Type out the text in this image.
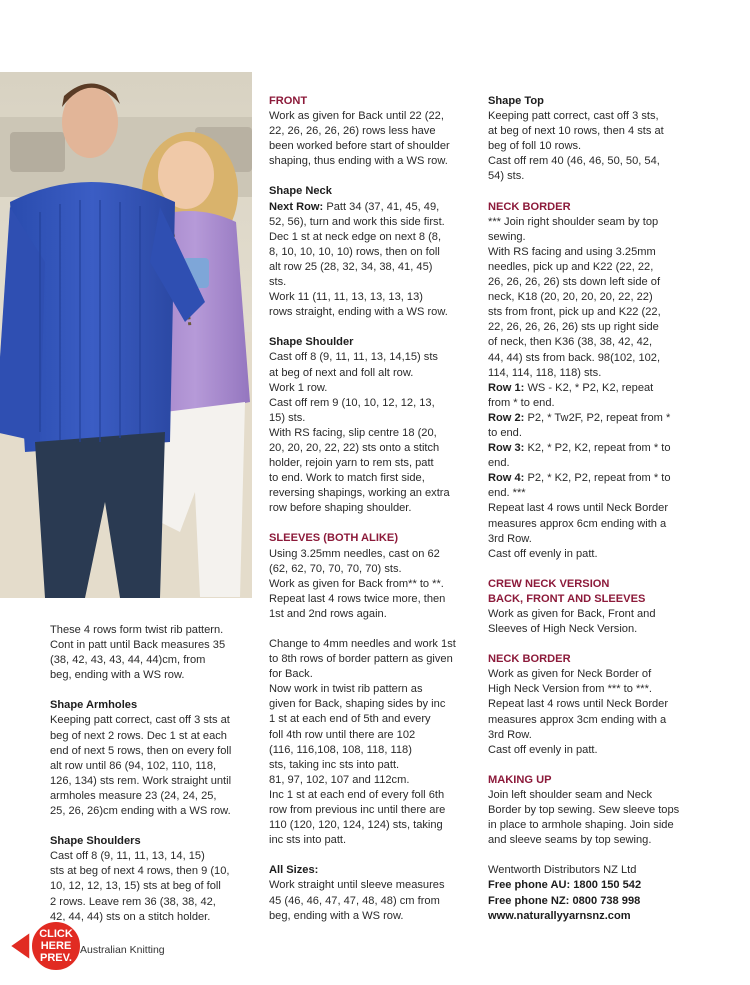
These 4 rows form twist rib pattern.

Cont in patt until Back measures 35

(38, 42, 43, 43, 44, 44)cm, from

beg, ending with a WS row.

Shape Armholes

Keeping patt correct, cast off 3 sts at

beg of next 2 rows. Dec 1 st at each

end of next 5 rows, then on every foll

alt row until 86 (94, 102, 110, 118,

126, 134) sts rem. Work straight until

armholes measure 23 (24, 24, 25,

25, 26, 26)cm ending with a WS row.

Shape Shoulders

Cast off 8 (9, 11, 11, 13, 14, 15)

sts at beg of next 4 rows, then 9 (10,

10, 12, 12, 13, 15) sts at beg of foll

2 rows. Leave rem 36 (38, 38, 42,

42, 44, 44) sts on a stitch holder.

FRONT

Work as given for Back until 22 (22,

22, 26, 26, 26, 26) rows less have

been worked before start of shoulder

shaping, thus ending with a WS row.

Shape Neck

Next Row: Patt 34 (37, 41, 45, 49,

52, 56), turn and work this side first.

Dec 1 st at neck edge on next 8 (8,

8, 10, 10, 10, 10) rows, then on foll

alt row 25 (28, 32, 34, 38, 41, 45)

sts.

Work 11 (11, 11, 13, 13, 13, 13)

rows straight, ending with a WS row.

Shape Shoulder

Cast off 8 (9, 11, 11, 13, 14,15) sts

at beg of next and foll alt row.

Work 1 row.

Cast off rem 9 (10, 10, 12, 12, 13,

15) sts.

With RS facing, slip centre 18 (20,

20, 20, 20, 22, 22) sts onto a stitch

holder, rejoin yarn to rem sts, patt

to end. Work to match first side,

reversing shapings, working an extra

row before shaping shoulder.

SLEEVES (BOTH ALIKE)

Using 3.25mm needles, cast on 62

(62, 62, 70, 70, 70, 70) sts.

Work as given for Back from** to **.

Repeat last 4 rows twice more, then

1st and 2nd rows again.

Change to 4mm needles and work 1st

to 8th rows of border pattern as given

for Back.

Now work in twist rib pattern as

given for Back, shaping sides by inc

1 st at each end of 5th and every

foll 4th row until there are 102

(116, 116,108, 108, 118, 118)

sts, taking inc sts into patt.

81, 97, 102, 107 and 112cm.

Inc 1 st at each end of every foll 6th

row from previous inc until there are

110 (120, 120, 124, 124) sts, taking

inc sts into patt.

All Sizes:

Work straight until sleeve measures

45 (46, 46, 47, 47, 48, 48) cm from

beg, ending with a WS row.

Shape Top

Keeping patt correct, cast off 3 sts,

at beg of next 10 rows, then 4 sts at

beg of foll 10 rows.

Cast off rem 40 (46, 46, 50, 50, 54,

54) sts.

NECK BORDER

*** Join right shoulder seam by top

sewing.

With RS facing and using 3.25mm

needles, pick up and K22 (22, 22,

26, 26, 26, 26) sts down left side of

neck, K18 (20, 20, 20, 20, 22, 22)

sts from front, pick up and K22 (22,

22, 26, 26, 26, 26) sts up right side

of neck, then K36 (38, 38, 42, 42,

44, 44) sts from back. 98(102, 102,

114, 114, 118, 118) sts.

Row 1: WS - K2, * P2, K2, repeat

from * to end.

Row 2: P2, * Tw2F, P2, repeat from *

to end.

Row 3: K2, * P2, K2, repeat from * to

end.

Row 4: P2, * K2, P2, repeat from * to

end. ***

Repeat last 4 rows until Neck Border

measures approx 6cm ending with a

3rd Row.

Cast off evenly in patt.

CREW NECK VERSION

BACK, FRONT AND SLEEVES

Work as given for Back, Front and

Sleeves of High Neck Version.

NECK BORDER

Work as given for Neck Border of

High Neck Version from *** to ***.

Repeat last 4 rows until Neck Border

measures approx 3cm ending with a

3rd Row.

Cast off evenly in patt.

MAKING UP

Join left shoulder seam and Neck

Border by top sewing. Sew sleeve tops

in place to armhole shaping. Join side

and sleeve seams by top sewing.

Wentworth Distributors NZ Ltd

Free phone AU: 1800 150 542

Free phone NZ: 0800 738 998

www.naturallyyarnsnz.com

CLICK
HERE
PREV.
Australian Knitting
